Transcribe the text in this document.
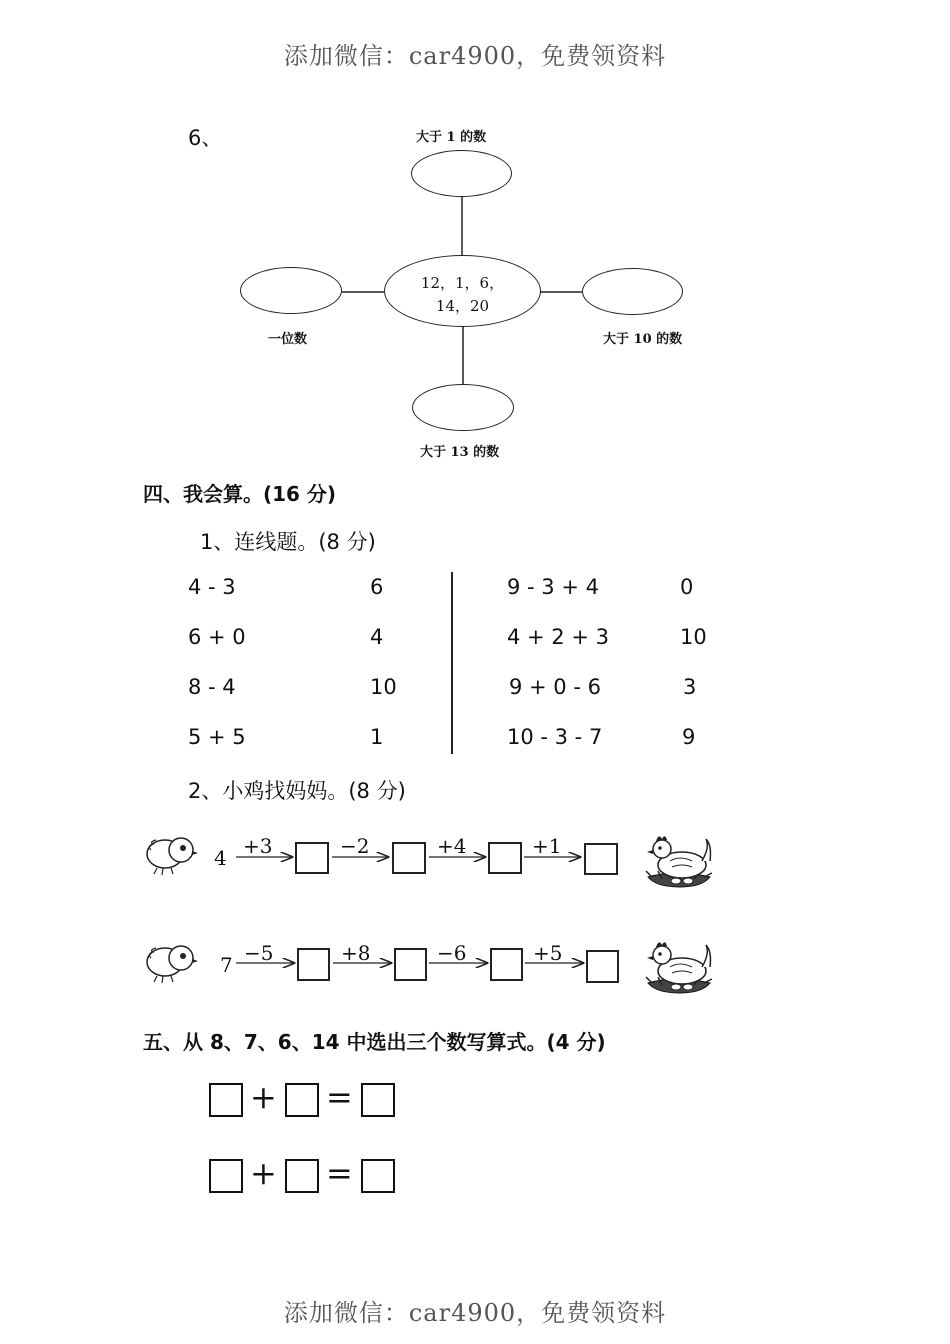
添加微信：car4900，免费领资料
添加微信：car4900，免费领资料
6、	大于 1 的数
一位数
12，1，6，
14，20
大于 10 的数
大于 13 的数
四、我会算。(16 分)
1、连线题。(8 分)
4 - 3	6
6 + 0	4
8 - 4	10
5 + 5	1
9 - 3 + 4	0
4 + 2 + 3	10
9 + 0 - 6	3
10 - 3 - 7	9
2、小鸡找妈妈。(8 分)
4 +3	−2	+4	+1
7 −5	+8	−6	+5
五、从 8、7、6、14 中选出三个数写算式。(4 分)
+ =
+ =
